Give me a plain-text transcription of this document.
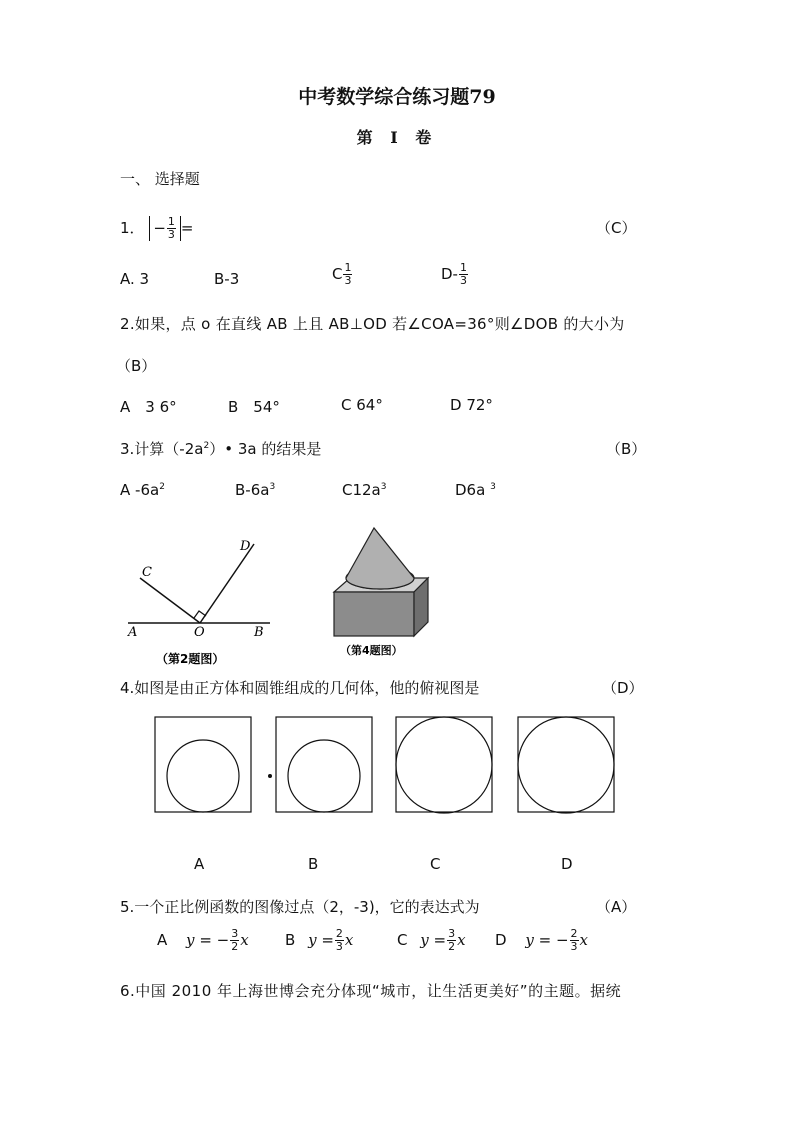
中考数学综合练习题79
第 Ⅰ 卷
一、 选择题
1． − $\frac{1}{3}$ =	（C）
A. 3	B-3	C $\frac{1}{3}$	$D- \frac{1}{3}$
2.如果，点 o 在直线 AB 上且 AB⊥OD 若∠COA=36°则∠DOB 的大小为
（B）
A　3 6°	B　54°	C 64°	D 72°
3.计算$(-2a^2)•$ 3a 的结果是	（B）
A $-6a^2$	$B-6a^3$	$C12a^3$	D6a $^3$
C
D
A	O	B
（第2题图）
（第4题图）
4.如图是由正方体和圆锥组成的几何体，他的俯视图是	（D）
A	B	C	D
5.一个正比例函数的图像过点（2，-3)，它的表达式为	（A）
A y = − $\frac{3}{2}$ x B $y = \frac{2}{3}$ x	C $y = \frac{3}{2}$ x D y = − $\frac{2}{3}$ x
6.中国 2010 年上海世博会充分体现“城市，让生活更美好”的主题。据统
